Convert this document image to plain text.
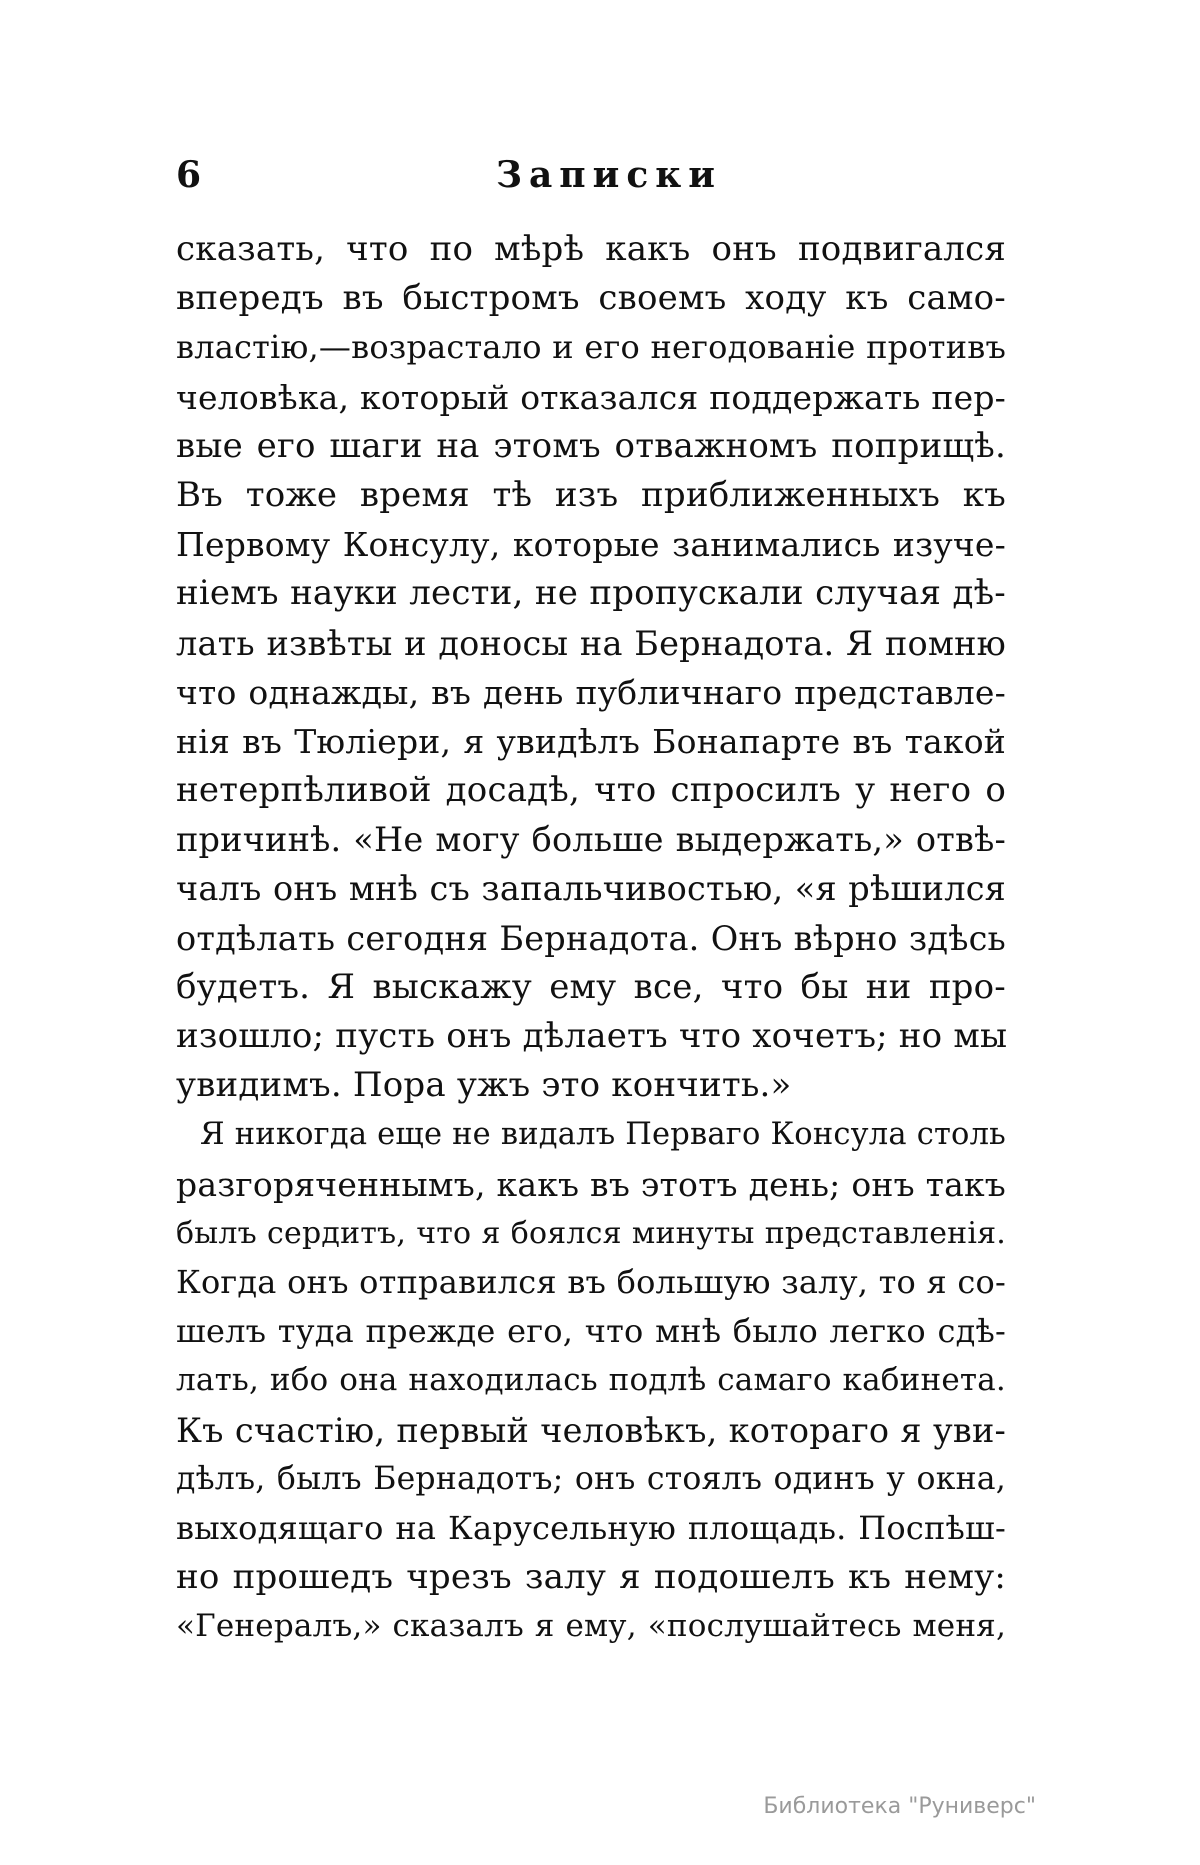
6	Записки
сказать, что по мѣрѣ какъ онъ подвигался
впередъ въ быстромъ своемъ ходу къ само-
властію,—возрастало и его негодованіе противъ
человѣка, который отказался поддержать пер-
вые его шаги на этомъ отважномъ поприщѣ.
Въ тоже время тѣ изъ приближенныхъ къ
Первому Консулу, которые занимались изуче-
ніемъ науки лести, не пропускали случая дѣ-
лать извѣты и доносы на Бернадота. Я помню
что однажды, въ день публичнаго представле-
нія въ Тюліери, я увидѣлъ Бонапарте въ такой
нетерпѣливой досадѣ, что спросилъ у него о
причинѣ. «Не могу больше выдержать,» отвѣ-
чалъ онъ мнѣ съ запальчивостью, «я рѣшился
отдѣлать сегодня Бернадота. Онъ вѣрно здѣсь
будетъ. Я выскажу ему все, что бы ни про-
изошло; пусть онъ дѣлаетъ что хочетъ; но мы
увидимъ. Пора ужъ это кончить.»
Я никогда еще не видалъ Перваго Консула столь
разгоряченнымъ, какъ въ этотъ день; онъ такъ
былъ сердитъ, что я боялся минуты представленія.
Когда онъ отправился въ большую залу, то я со-
шелъ туда прежде его, что мнѣ было легко сдѣ-
лать, ибо она находилась подлѣ самаго кабинета.
Къ счастію, первый человѣкъ, котораго я уви-
дѣлъ, былъ Бернадотъ; онъ стоялъ одинъ у окна,
выходящаго на Карусельную площадь. Поспѣш-
но прошедъ чрезъ залу я подошелъ къ нему:
«Генералъ,» сказалъ я ему, «послушайтесь меня,
Библиотека "Руниверс"
